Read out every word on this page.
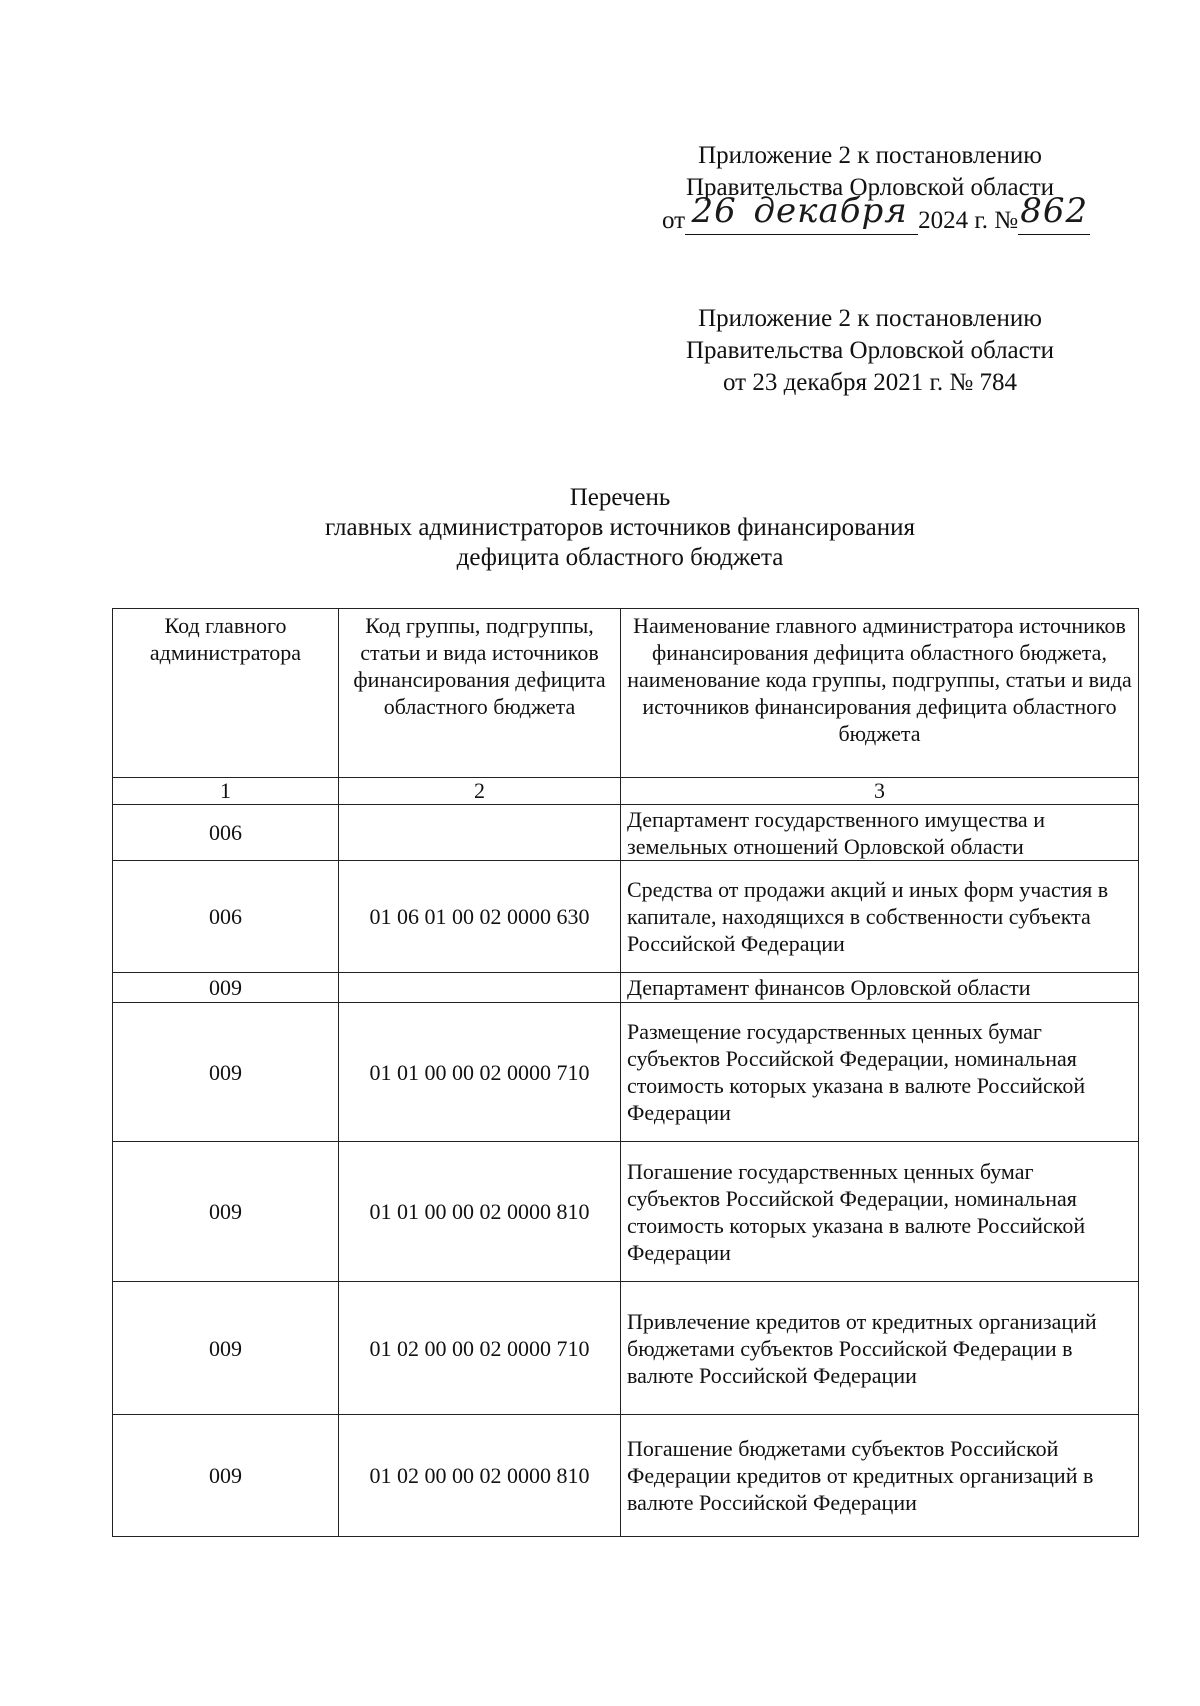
Приложение 2 к постановлению
Правительства Орловской области
от 26 декабря 2024 г. №862
Приложение 2 к постановлению
Правительства Орловской области
от 23 декабря 2021 г. № 784
Перечень
главных администраторов источников финансирования
дефицита областного бюджета
Код главного администратора	Код группы, подгруппы, статьи и вида источников финансирования дефицита областного бюджета	Наименование главного администратора источников финансирования дефицита областного бюджета, наименование кода группы, подгруппы, статьи и вида источников финансирования дефицита областного бюджета
1	2	3
006		Департамент государственного имущества и земельных отношений Орловской области
006	01 06 01 00 02 0000 630	Средства от продажи акций и иных форм участия в капитале, находящихся в собственности субъекта Российской Федерации
009		Департамент финансов Орловской области
009	01 01 00 00 02 0000 710	Размещение государственных ценных бумаг субъектов Российской Федерации, номинальная стоимость которых указана в валюте Российской Федерации
009	01 01 00 00 02 0000 810	Погашение государственных ценных бумаг субъектов Российской Федерации, номинальная стоимость которых указана в валюте Российской Федерации
009	01 02 00 00 02 0000 710	Привлечение кредитов от кредитных организаций бюджетами субъектов Российской Федерации в валюте Российской Федерации
009	01 02 00 00 02 0000 810	Погашение бюджетами субъектов Российской Федерации кредитов от кредитных организаций в валюте Российской Федерации
